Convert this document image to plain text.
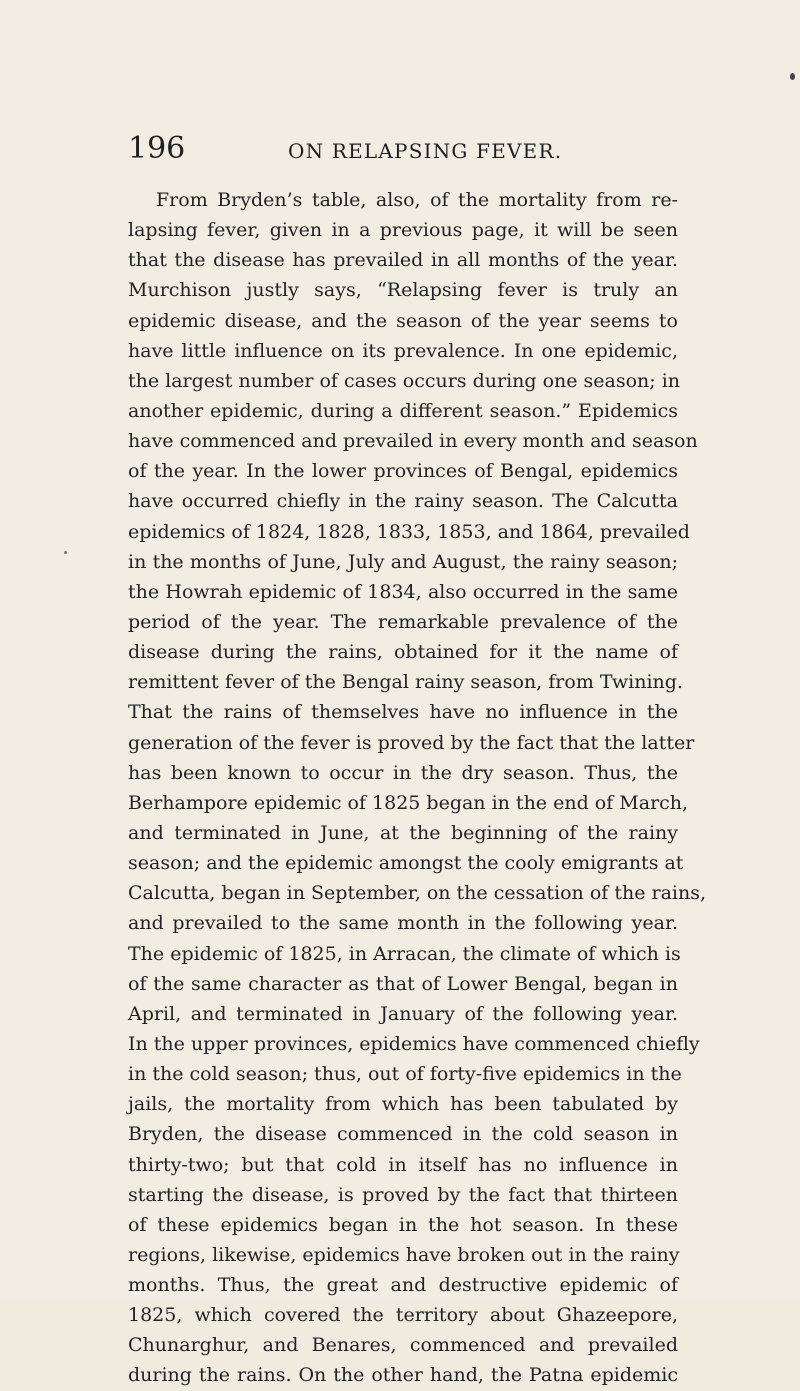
196	ON RELAPSING FEVER.

From Bryden’s table, also, of the mortality from re-
lapsing fever, given in a previous page, it will be seen
that the disease has prevailed in all months of the year.
Murchison justly says, “Relapsing fever is truly an
epidemic disease, and the season of the year seems to
have little influence on its prevalence. In one epidemic,
the largest number of cases occurs during one season; in
another epidemic, during a different season.” Epidemics
have commenced and prevailed in every month and season
of the year. In the lower provinces of Bengal, epidemics
have occurred chiefly in the rainy season. The Calcutta
epidemics of 1824, 1828, 1833, 1853, and 1864, prevailed
in the months of June, July and August, the rainy season;
the Howrah epidemic of 1834, also occurred in the same
period of the year. The remarkable prevalence of the
disease during the rains, obtained for it the name of
remittent fever of the Bengal rainy season, from Twining.
That the rains of themselves have no influence in the
generation of the fever is proved by the fact that the latter
has been known to occur in the dry season. Thus, the
Berhampore epidemic of 1825 began in the end of March,
and terminated in June, at the beginning of the rainy
season; and the epidemic amongst the cooly emigrants at
Calcutta, began in September, on the cessation of the rains,
and prevailed to the same month in the following year.
The epidemic of 1825, in Arracan, the climate of which is
of the same character as that of Lower Bengal, began in
April, and terminated in January of the following year.
In the upper provinces, epidemics have commenced chiefly
in the cold season; thus, out of forty-five epidemics in the
jails, the mortality from which has been tabulated by
Bryden, the disease commenced in the cold season in
thirty-two; but that cold in itself has no influence in
starting the disease, is proved by the fact that thirteen
of these epidemics began in the hot season. In these
regions, likewise, epidemics have broken out in the rainy
months. Thus, the great and destructive epidemic of
1825, which covered the territory about Ghazeepore,
Chunarghur, and Benares, commenced and prevailed
during the rains. On the other hand, the Patna epidemic
